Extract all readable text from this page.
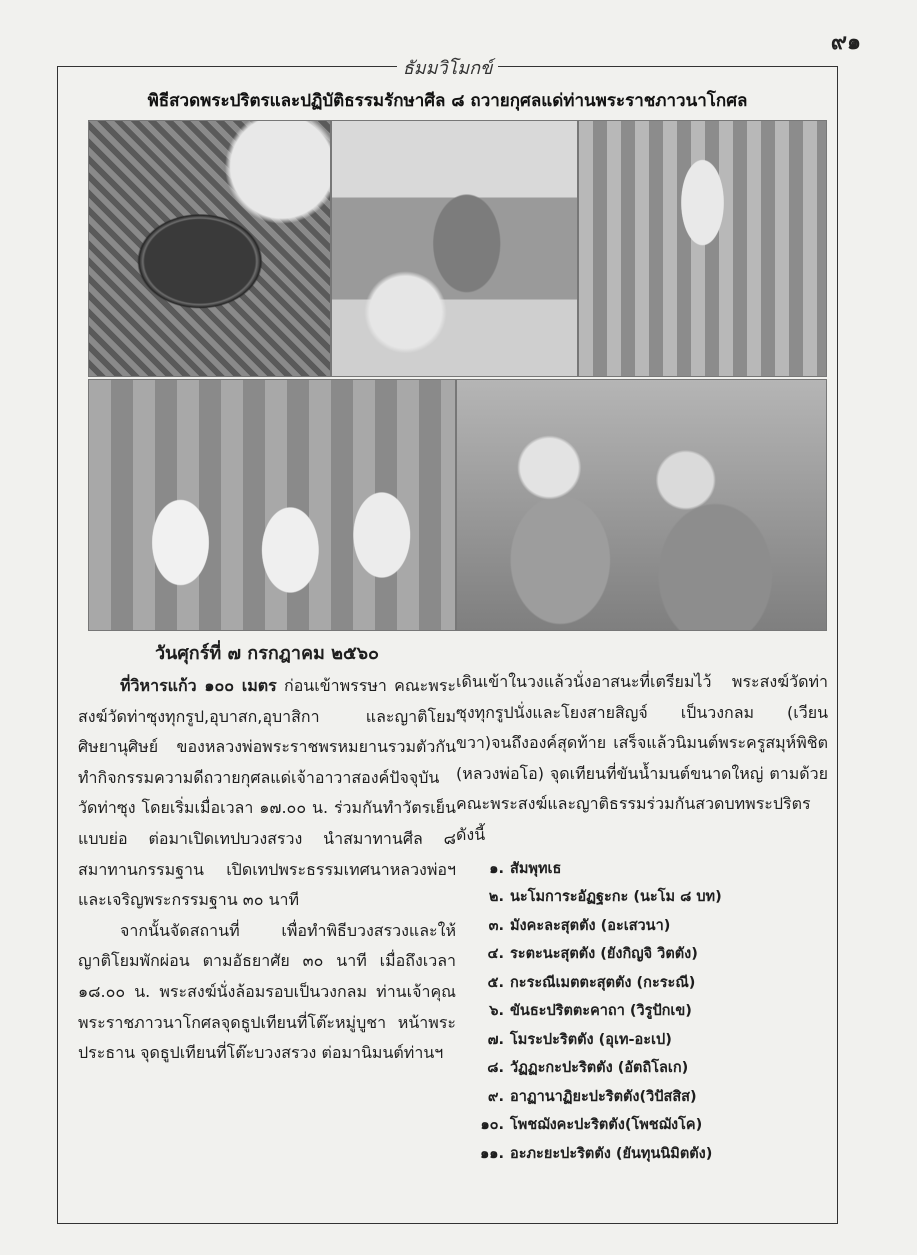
๙๑
ธัมมวิโมกข์
พิธีสวดพระปริตรและปฏิบัติธรรมรักษาศีล ๘ ถวายกุศลแด่ท่านพระราชภาวนาโกศล
วันศุกร์ที่ ๗ กรกฎาคม ๒๕๖๐
ที่วิหารแก้ว ๑๐๐ เมตร ก่อนเข้าพรรษา คณะพระสงฆ์วัดท่าซุงทุกรูป,อุบาสก,อุบาสิกา และญาติโยมศิษยานุศิษย์ ของหลวงพ่อพระราชพรหมยานรวมตัวกัน ทำกิจกรรมความดีถวายกุศลแด่เจ้าอาวาสองค์ปัจจุบัน วัดท่าซุง โดยเริ่มเมื่อเวลา ๑๗.๐๐ น. ร่วมกันทำวัตรเย็นแบบย่อ ต่อมาเปิดเทปบวงสรวง นำสมาทานศีล ๘ สมาทานกรรมฐาน เปิดเทปพระธรรมเทศนาหลวงพ่อฯ และเจริญพระกรรมฐาน ๓๐ นาที
จากนั้นจัดสถานที่ เพื่อทำพิธีบวงสรวงและให้ญาติโยมพักผ่อน ตามอัธยาศัย ๓๐ นาที เมื่อถึงเวลา ๑๘.๐๐ น. พระสงฆ์นั่งล้อมรอบเป็นวงกลม ท่านเจ้าคุณพระราชภาวนาโกศลจุดธูปเทียนที่โต๊ะหมู่บูชา หน้าพระประธาน จุดธูปเทียนที่โต๊ะบวงสรวง ต่อมานิมนต์ท่านฯ
เดินเข้าในวงแล้วนั่งอาสนะที่เตรียมไว้ พระสงฆ์วัดท่าซุงทุกรูปนั่งและโยงสายสิญจ์ เป็นวงกลม (เวียนขวา)จนถึงองค์สุดท้าย เสร็จแล้วนิมนต์พระครูสมุห์พิชิต (หลวงพ่อโอ) จุดเทียนที่ขันน้ำมนต์ขนาดใหญ่ ตามด้วยคณะพระสงฆ์และญาติธรรมร่วมกันสวดบทพระปริตร ดังนี้
๑. สัมพุทเธ
๒. นะโมการะอัฏฐะกะ (นะโม ๘ บท)
๓. มังคะละสุตตัง (อะเสวนา)
๔. ระตะนะสุตตัง (ยังกิญจิ วิตตัง)
๕. กะระณีเมตตะสุตตัง (กะระณี)
๖. ขันธะปริตตะคาถา (วิรูปักเข)
๗. โมระปะริตตัง (อุเท-อะเป)
๘. วัฏฏะกะปะริตตัง (อัตถิโลเก)
๙. อาฏานาฏิยะปะริตตัง(วิปัสสิส)
๑๐. โพชฌังคะปะริตตัง(โพชฌังโค)
๑๑. อะภะยะปะริตตัง (ยันทุนนิมิตตัง)
